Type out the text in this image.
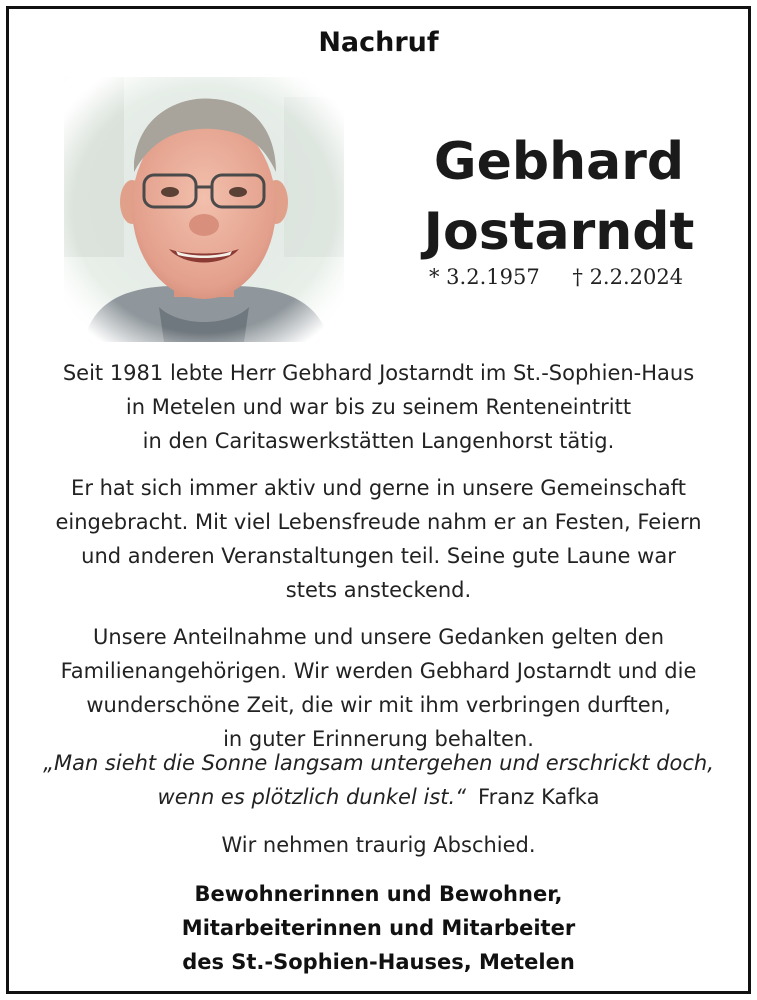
Nachruf
Gebhard
Jostarndt
* 3.2.1957 † 2.2.2024

Seit 1981 lebte Herr Gebhard Jostarndt im St.-Sophien-Haus
in Metelen und war bis zu seinem Renteneintritt
in den Caritaswerkstätten Langenhorst tätig.

Er hat sich immer aktiv und gerne in unsere Gemeinschaft
eingebracht. Mit viel Lebensfreude nahm er an Festen, Feiern
und anderen Veranstaltungen teil. Seine gute Laune war
stets ansteckend.

Unsere Anteilnahme und unsere Gedanken gelten den
Familienangehörigen. Wir werden Gebhard Jostarndt und die
wunderschöne Zeit, die wir mit ihm verbringen durften,
in guter Erinnerung behalten.

„Man sieht die Sonne langsam untergehen und erschrickt doch,
wenn es plötzlich dunkel ist.“ Franz Kafka
Wir nehmen traurig Abschied.
Bewohnerinnen und Bewohner,
Mitarbeiterinnen und Mitarbeiter
des St.-Sophien-Hauses, Metelen
